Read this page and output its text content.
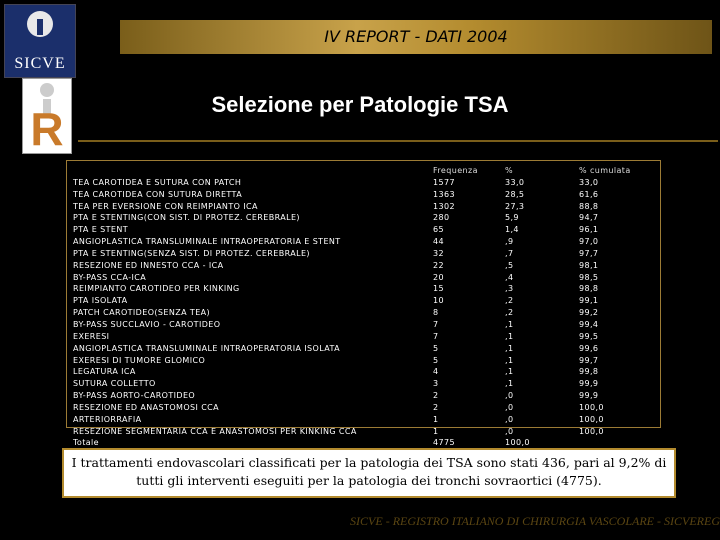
SICVE
IV REPORT - DATI 2004
R	Selezione per Patologie TSA
TEA CAROTIDEA E SUTURA CON PATCH
TEA CAROTIDEA CON SUTURA DIRETTA
TEA PER EVERSIONE CON REIMPIANTO ICA
PTA E STENTING(CON SIST. DI PROTEZ. CEREBRALE)
PTA E STENT
ANGIOPLASTICA TRANSLUMINALE INTRAOPERATORIA E STENT
PTA E STENTING(SENZA SIST. DI PROTEZ. CEREBRALE)
RESEZIONE ED INNESTO CCA - ICA
BY-PASS CCA-ICA
REIMPIANTO CAROTIDEO PER KINKING
PTA ISOLATA
PATCH CAROTIDEO(SENZA TEA)
BY-PASS SUCCLAVIO - CAROTIDEO
EXERESI
ANGIOPLASTICA TRANSLUMINALE INTRAOPERATORIA ISOLATA
EXERESI DI TUMORE GLOMICO
LEGATURA ICA
SUTURA COLLETTO
BY-PASS AORTO-CAROTIDEO
RESEZIONE ED ANASTOMOSI CCA
ARTERIORRAFIA
RESEZIONE SEGMENTARIA CCA E ANASTOMOSI PER KINKING CCA
Totale
Frequenza
1577
1363
1302
280
65
44
32
22
20
15
10
8
7
7
5
5
4
3
2
2
1
1
4775
%
33,0
28,5
27,3
5,9
1,4
,9
,7
,5
,4
,3
,2
,2
,1
,1
,1
,1
,1
,1
,0
,0
,0
,0
100,0
% cumulata
33,0
61,6
88,8
94,7
96,1
97,0
97,7
98,1
98,5
98,8
99,1
99,2
99,4
99,5
99,6
99,7
99,8
99,9
99,9
100,0
100,0
100,0
I trattamenti endovascolari classificati per la patologia dei TSA sono stati 436, pari al 9,2% di tutti gli interventi eseguiti per la patologia dei tronchi sovraortici (4775).
SICVE - REGISTRO ITALIANO DI CHIRURGIA VASCOLARE - SICVEREG
